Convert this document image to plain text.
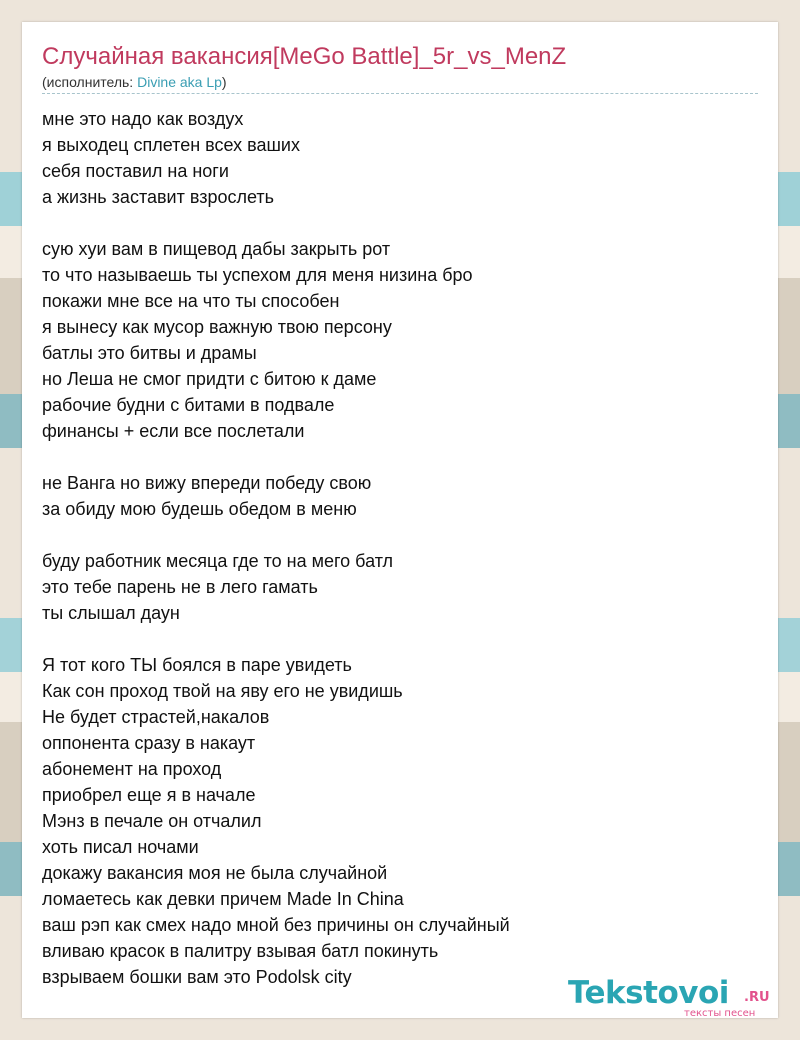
Случайная вакансия[MeGo Battle]_5r_vs_MenZ
(исполнитель: Divine aka Lp)
мне это надо как воздух
я выходец сплетен всех ваших
себя поставил на ноги
а жизнь заставит взрослеть
сую хуи вам в пищевод дабы закрыть рот
то что называешь ты успехом для меня низина бро
покажи мне все на что ты способен
я вынесу как мусор важную твою персону
батлы это битвы и драмы
но Леша не смог придти с битою к даме
рабочие будни с битами в подвале
финансы + если все послетали
не Ванга но вижу впереди победу свою
за обиду мою будешь обедом в меню
буду работник месяца где то на мего батл
это тебе парень не в лего гамать
ты слышал даун
Я тот кого ТЫ боялся в паре увидеть
Как сон проход твой на яву его не увидишь
Не будет страстей,накалов
оппонента сразу в накаут
абонемент на проход
приобрел еще я в начале
Мэнз в печале он отчалил
хоть писал ночами
докажу вакансия моя не была случайной
ломаетесь как девки причем Made In China
ваш рэп как смех надо мной без причины он случайный
вливаю красок в палитру взывая батл покинуть
взрываем бошки вам это Podolsk city	Tekstovoi .RU
тексты песен
